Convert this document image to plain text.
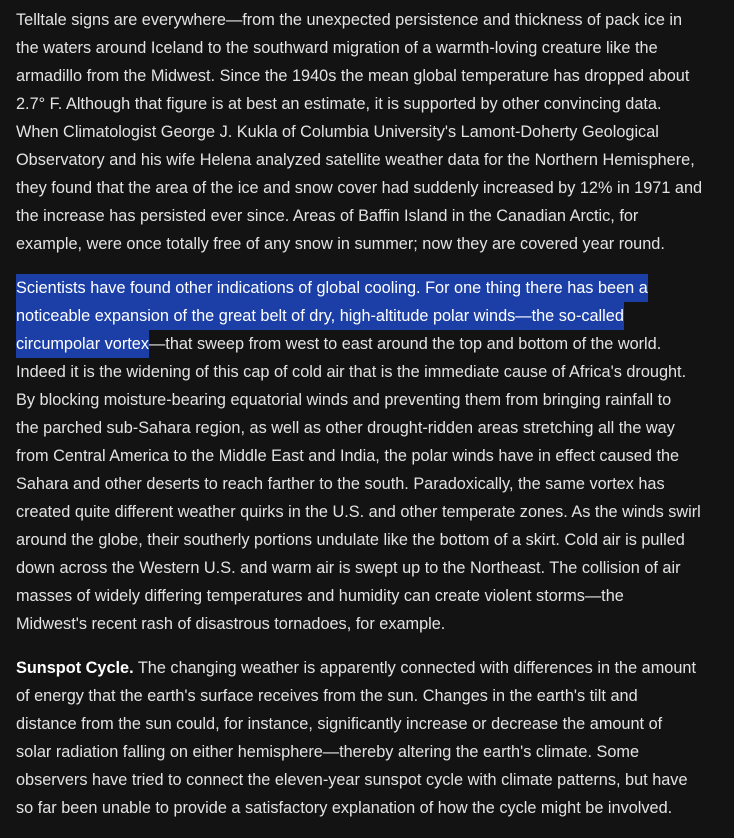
Telltale signs are everywhere—from the unexpected persistence and thickness of pack ice in
the waters around Iceland to the southward migration of a warmth-loving creature like the
armadillo from the Midwest. Since the 1940s the mean global temperature has dropped about
2.7° F. Although that figure is at best an estimate, it is supported by other convincing data.
When Climatologist George J. Kukla of Columbia University's Lamont-Doherty Geological
Observatory and his wife Helena analyzed satellite weather data for the Northern Hemisphere,
they found that the area of the ice and snow cover had suddenly increased by 12% in 1971 and
the increase has persisted ever since. Areas of Baffin Island in the Canadian Arctic, for
example, were once totally free of any snow in summer; now they are covered year round.

Scientists have found other indications of global cooling. For one thing there has been a
noticeable expansion of the great belt of dry, high-altitude polar winds—the so-called
circumpolar vortex—that sweep from west to east around the top and bottom of the world.
Indeed it is the widening of this cap of cold air that is the immediate cause of Africa's drought.
By blocking moisture-bearing equatorial winds and preventing them from bringing rainfall to
the parched sub-Sahara region, as well as other drought-ridden areas stretching all the way
from Central America to the Middle East and India, the polar winds have in effect caused the
Sahara and other deserts to reach farther to the south. Paradoxically, the same vortex has
created quite different weather quirks in the U.S. and other temperate zones. As the winds swirl
around the globe, their southerly portions undulate like the bottom of a skirt. Cold air is pulled
down across the Western U.S. and warm air is swept up to the Northeast. The collision of air
masses of widely differing temperatures and humidity can create violent storms—the
Midwest's recent rash of disastrous tornadoes, for example.

Sunspot Cycle. The changing weather is apparently connected with differences in the amount
of energy that the earth's surface receives from the sun. Changes in the earth's tilt and
distance from the sun could, for instance, significantly increase or decrease the amount of
solar radiation falling on either hemisphere—thereby altering the earth's climate. Some
observers have tried to connect the eleven-year sunspot cycle with climate patterns, but have
so far been unable to provide a satisfactory explanation of how the cycle might be involved.
